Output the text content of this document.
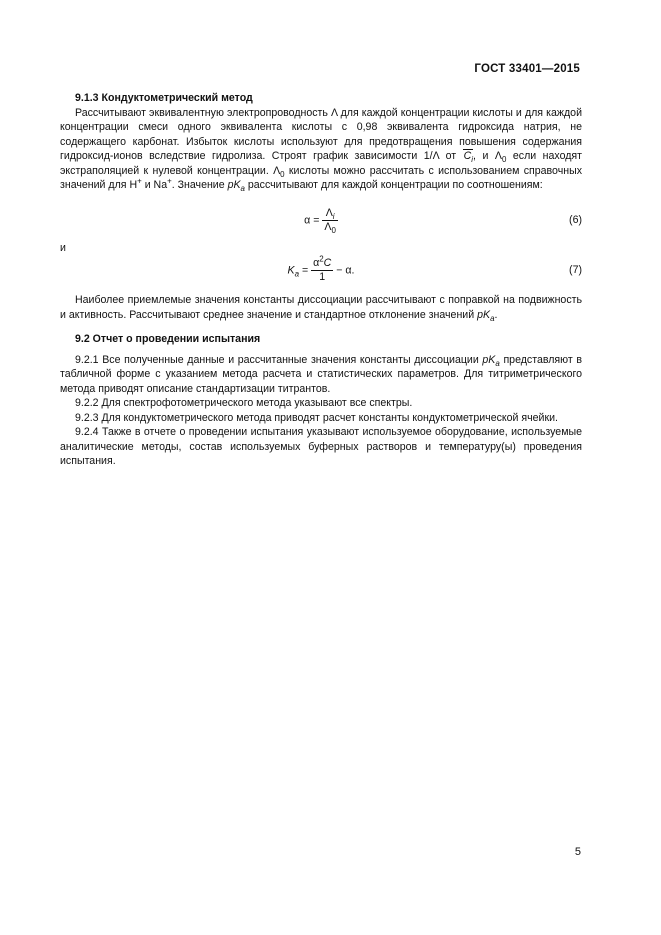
ГОСТ 33401—2015

9.1.3 Кондуктометрический метод

Рассчитывают эквивалентную электропроводность Λ для каждой концентрации кислоты и для каждой концентрации смеси одного эквивалента кислоты с 0,98 эквивалента гидроксида натрия, не содержащего карбонат. Избыток кислоты используют для предотвращения повышения содержания гидроксид-ионов вследствие гидролиза. Строят график зависимости 1/Λ от $C_i$, и $\Lambda_0$ если находят экстраполяцией к нулевой концентрации. $\Lambda_0$ кислоты можно рассчитать с использованием справочных значений для H+ и Na+. Значение $pK_a$ рассчитывают для каждой концентрации по соотношениям:

$\alpha = \frac{\Lambda_i}{\Lambda_0}$	(6)

и

$K_a = \frac{\alpha^2C}{1} - \alpha$.	(7)

Наиболее приемлемые значения константы диссоциации рассчитывают с поправкой на подвижность и активность. Рассчитывают среднее значение и стандартное отклонение значений $pK_a$.

9.2 Отчет о проведении испытания

9.2.1 Все полученные данные и рассчитанные значения константы диссоциации $pK_a$ представляют в табличной форме с указанием метода расчета и статистических параметров. Для титриметрического метода приводят описание стандартизации титрантов.

9.2.2 Для спектрофотометрического метода указывают все спектры.

9.2.3 Для кондуктометрического метода приводят расчет константы кондуктометрической ячейки.

9.2.4 Также в отчете о проведении испытания указывают используемое оборудование, используемые аналитические методы, состав используемых буферных растворов и температуру(ы) проведения испытания.

5
